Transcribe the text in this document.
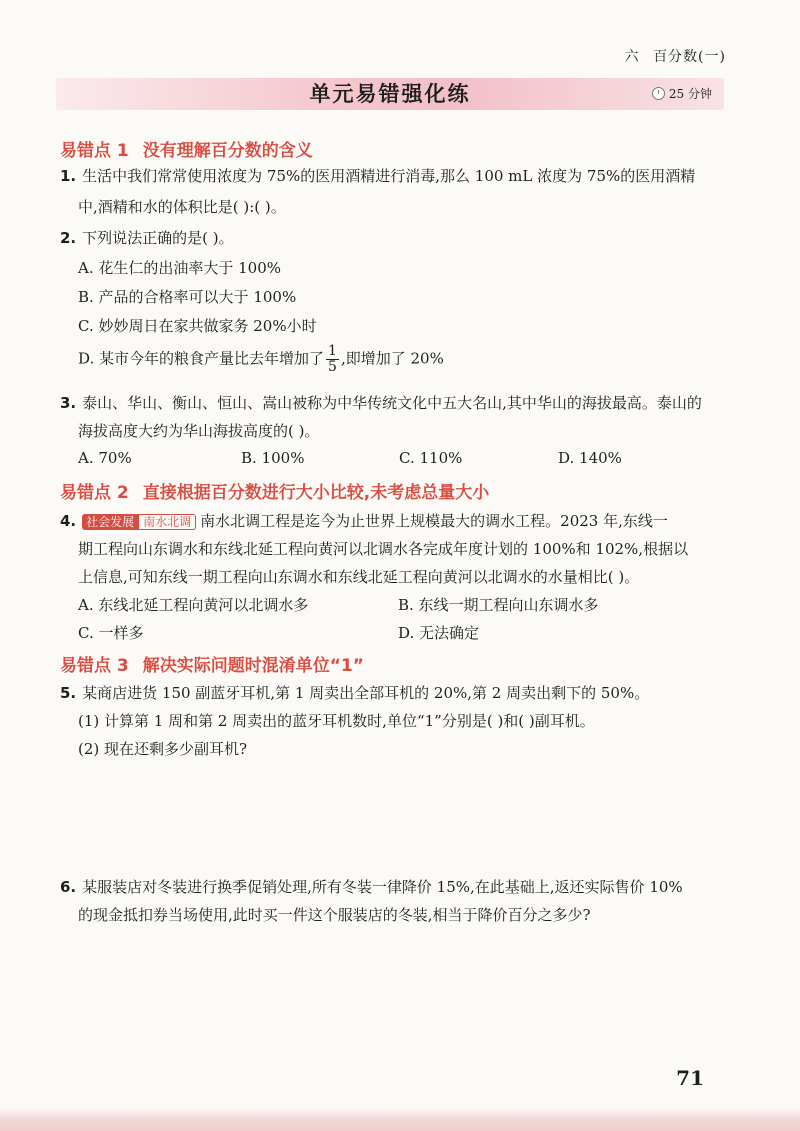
六 百分数(一)
单元易错强化练	25 分钟
易错点 1 没有理解百分数的含义
1. 生活中我们常常使用浓度为 75%的医用酒精进行消毒,那么 100 mL 浓度为 75%的医用酒精
中,酒精和水的体积比是( ):( )。
2. 下列说法正确的是( )。
A. 花生仁的出油率大于 100%
B. 产品的合格率可以大于 100%
C. 妙妙周日在家共做家务 20%小时
D. 某市今年的粮食产量比去年增加了 $\frac{1}{5}$ ,即增加了 20%
3. 泰山、华山、衡山、恒山、嵩山被称为中华传统文化中五大名山,其中华山的海拔最高。泰山的
海拔高度大约为华山海拔高度的( )。
A. 70%	B. 100%	C. 110%	D. 140%
易错点 2 直接根据百分数进行大小比较,未考虑总量大小
4. 社会发展 南水北调 南水北调工程是迄今为止世界上规模最大的调水工程。2023 年,东线一
期工程向山东调水和东线北延工程向黄河以北调水各完成年度计划的 100%和 102%,根据以
上信息,可知东线一期工程向山东调水和东线北延工程向黄河以北调水的水量相比( )。
A. 东线北延工程向黄河以北调水多	B. 东线一期工程向山东调水多
C. 一样多	D. 无法确定
易错点 3 解决实际问题时混淆单位“1”
5. 某商店进货 150 副蓝牙耳机,第 1 周卖出全部耳机的 20%,第 2 周卖出剩下的 50%。
(1) 计算第 1 周和第 2 周卖出的蓝牙耳机数时,单位“1”分别是( )和( )副耳机。
(2) 现在还剩多少副耳机?
6. 某服装店对冬装进行换季促销处理,所有冬装一律降价 15%,在此基础上,返还实际售价 10%
的现金抵扣券当场使用,此时买一件这个服装店的冬装,相当于降价百分之多少?
71
